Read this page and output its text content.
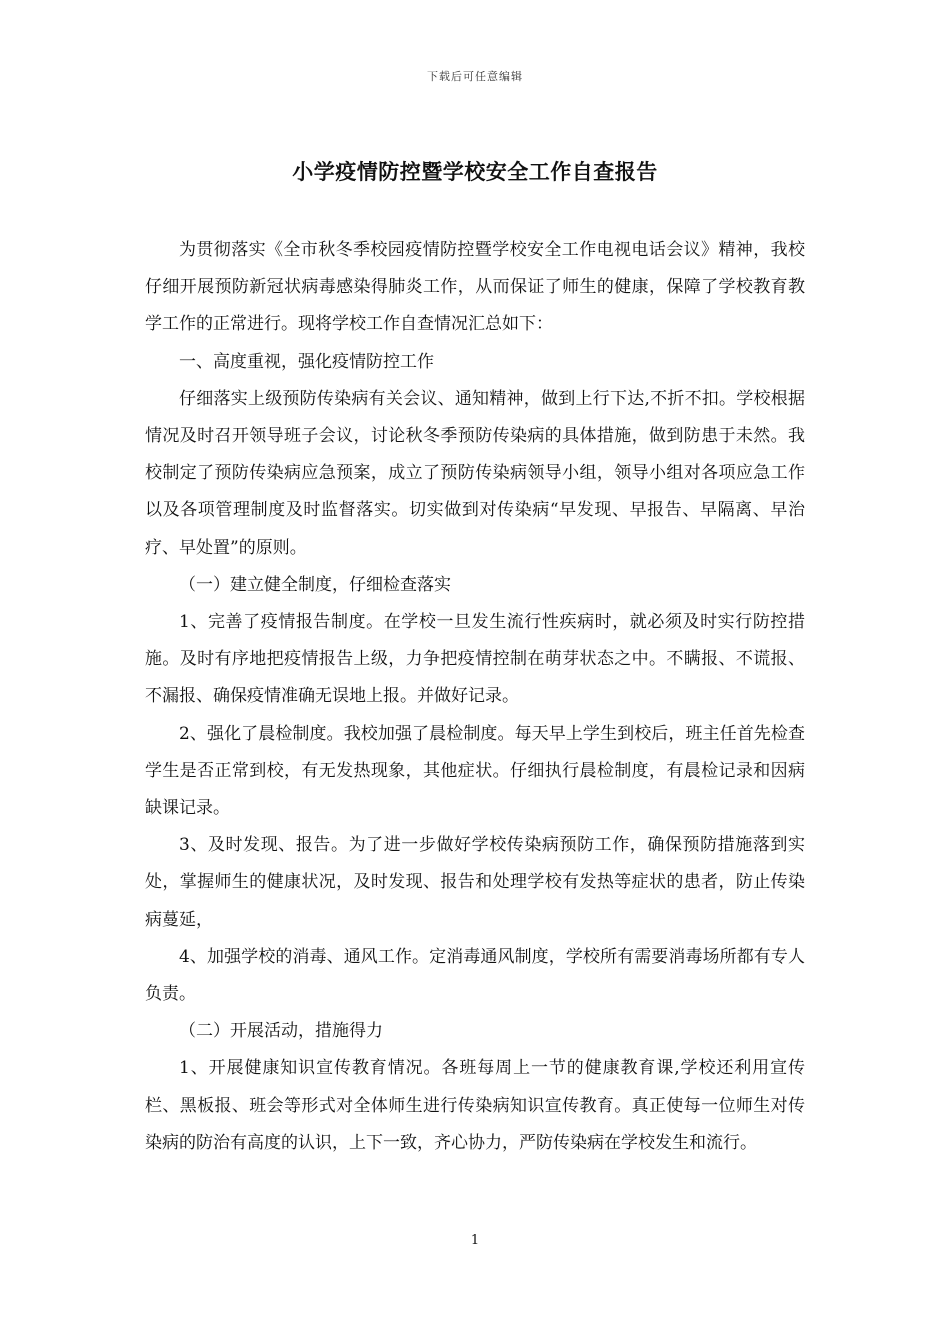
下载后可任意编辑
小学疫情防控暨学校安全工作自查报告

为贯彻落实《全市秋冬季校园疫情防控暨学校安全工作电视电话会议》精神，我校仔细开展预防新冠状病毒感染得肺炎工作，从而保证了师生的健康，保障了学校教育教学工作的正常进行。现将学校工作自查情况汇总如下：

一、高度重视，强化疫情防控工作

仔细落实上级预防传染病有关会议、通知精神，做到上行下达,不折不扣。学校根据情况及时召开领导班子会议，讨论秋冬季预防传染病的具体措施，做到防患于未然。我校制定了预防传染病应急预案，成立了预防传染病领导小组，领导小组对各项应急工作以及各项管理制度及时监督落实。切实做到对传染病“早发现、早报告、早隔离、早治疗、早处置”的原则。

（一）建立健全制度，仔细检查落实

1、完善了疫情报告制度。在学校一旦发生流行性疾病时，就必须及时实行防控措施。及时有序地把疫情报告上级，力争把疫情控制在萌芽状态之中。不瞒报、不谎报、不漏报、确保疫情准确无误地上报。并做好记录。

2、强化了晨检制度。我校加强了晨检制度。每天早上学生到校后，班主任首先检查学生是否正常到校，有无发热现象，其他症状。仔细执行晨检制度，有晨检记录和因病缺课记录。

3、及时发现、报告。为了进一步做好学校传染病预防工作，确保预防措施落到实处，掌握师生的健康状况，及时发现、报告和处理学校有发热等症状的患者，防止传染病蔓延，

4、加强学校的消毒、通风工作。定消毒通风制度，学校所有需要消毒场所都有专人负责。

（二）开展活动，措施得力

1、开展健康知识宣传教育情况。各班每周上一节的健康教育课,学校还利用宣传栏、黑板报、班会等形式对全体师生进行传染病知识宣传教育。真正使每一位师生对传染病的防治有高度的认识，上下一致，齐心协力，严防传染病在学校发生和流行。

1
